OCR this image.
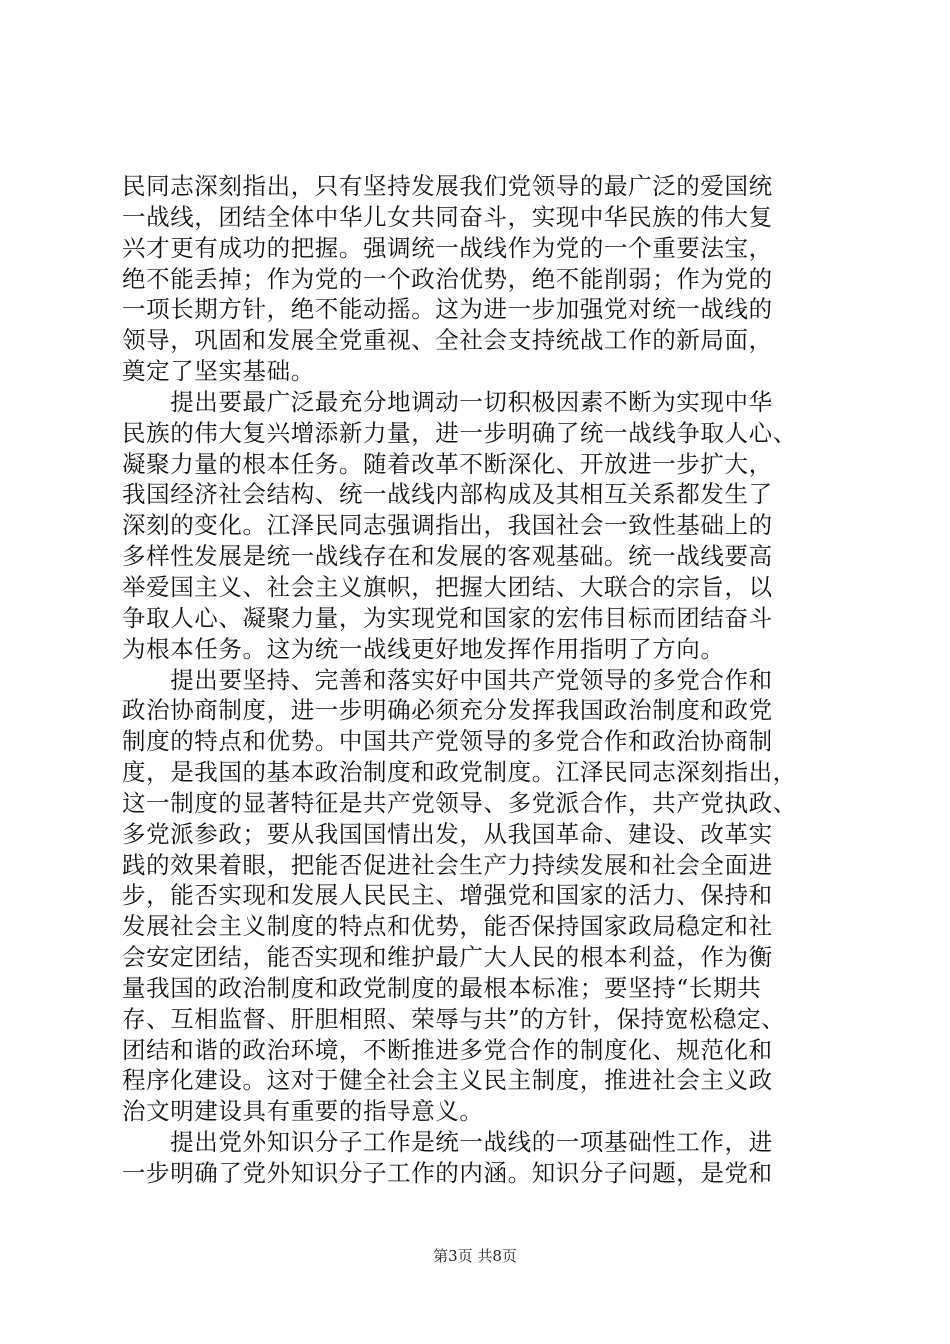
民同志深刻指出，只有坚持发展我们党领导的最广泛的爱国统
一战线，团结全体中华儿女共同奋斗，实现中华民族的伟大复
兴才更有成功的把握。强调统一战线作为党的一个重要法宝，
绝不能丢掉；作为党的一个政治优势，绝不能削弱；作为党的
一项长期方针，绝不能动摇。这为进一步加强党对统一战线的
领导，巩固和发展全党重视、全社会支持统战工作的新局面，
奠定了坚实基础。
　　提出要最广泛最充分地调动一切积极因素不断为实现中华
民族的伟大复兴增添新力量，进一步明确了统一战线争取人心、
凝聚力量的根本任务。随着改革不断深化、开放进一步扩大，
我国经济社会结构、统一战线内部构成及其相互关系都发生了
深刻的变化。江泽民同志强调指出，我国社会一致性基础上的
多样性发展是统一战线存在和发展的客观基础。统一战线要高
举爱国主义、社会主义旗帜，把握大团结、大联合的宗旨，以
争取人心、凝聚力量，为实现党和国家的宏伟目标而团结奋斗
为根本任务。这为统一战线更好地发挥作用指明了方向。
　　提出要坚持、完善和落实好中国共产党领导的多党合作和
政治协商制度，进一步明确必须充分发挥我国政治制度和政党
制度的特点和优势。中国共产党领导的多党合作和政治协商制
度，是我国的基本政治制度和政党制度。江泽民同志深刻指出，
这一制度的显著特征是共产党领导、多党派合作，共产党执政、
多党派参政；要从我国国情出发，从我国革命、建设、改革实
践的效果着眼，把能否促进社会生产力持续发展和社会全面进
步，能否实现和发展人民民主、增强党和国家的活力、保持和
发展社会主义制度的特点和优势，能否保持国家政局稳定和社
会安定团结，能否实现和维护最广大人民的根本利益，作为衡
量我国的政治制度和政党制度的最根本标准；要坚持“长期共
存、互相监督、肝胆相照、荣辱与共”的方针，保持宽松稳定、
团结和谐的政治环境，不断推进多党合作的制度化、规范化和
程序化建设。这对于健全社会主义民主制度，推进社会主义政
治文明建设具有重要的指导意义。
　　提出党外知识分子工作是统一战线的一项基础性工作，进
一步明确了党外知识分子工作的内涵。知识分子问题，是党和
第3页 共8页
